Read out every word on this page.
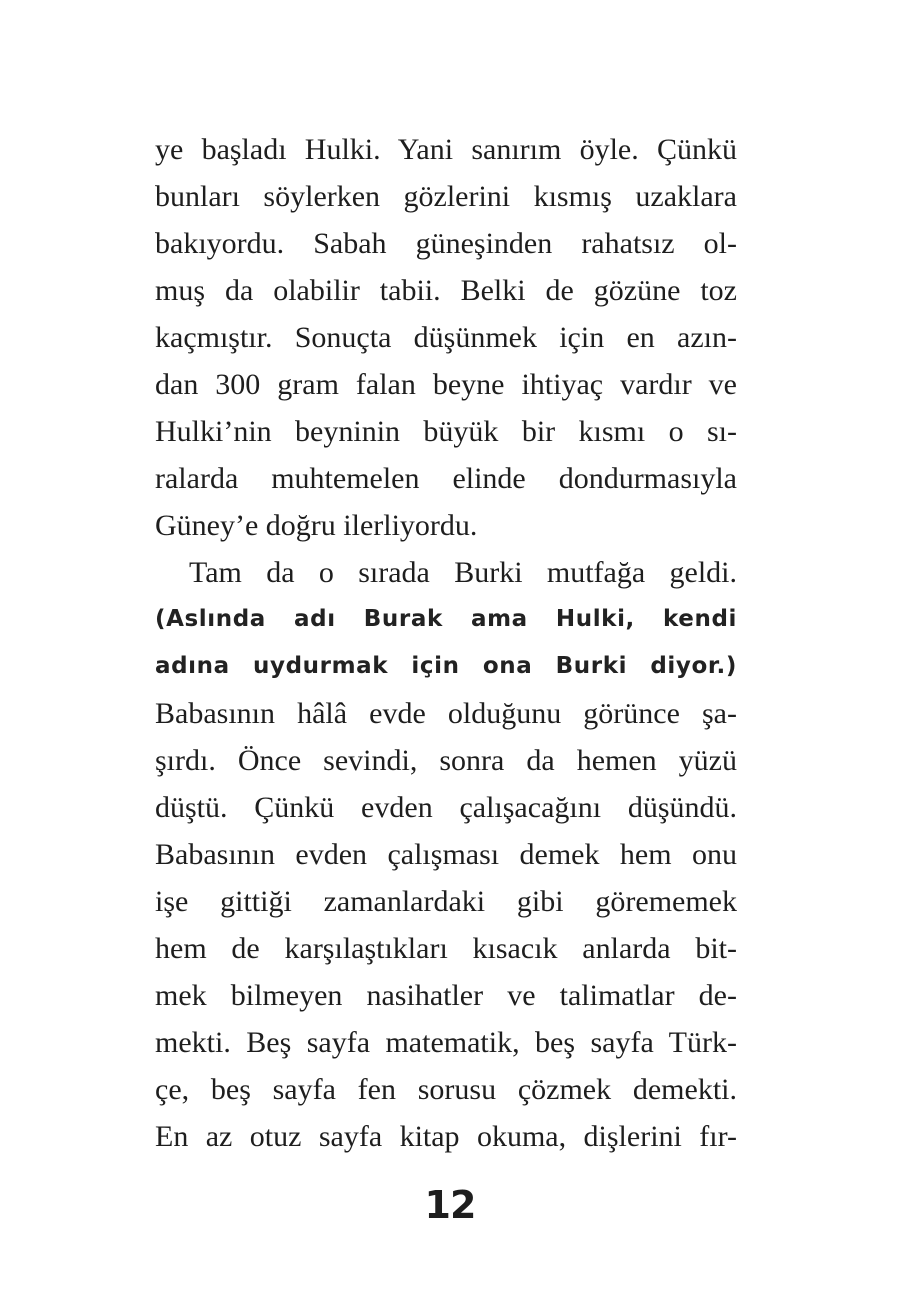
ye başladı Hulki. Yani sanırım öyle. Çünkü
bunları söylerken gözlerini kısmış uzaklara
bakıyordu. Sabah güneşinden rahatsız ol-
muş da olabilir tabii. Belki de gözüne toz
kaçmıştır. Sonuçta düşünmek için en azın-
dan 300 gram falan beyne ihtiyaç vardır ve
Hulki’nin beyninin büyük bir kısmı o sı-
ralarda muhtemelen elinde dondurmasıyla
Güney’e doğru ilerliyordu.
Tam da o sırada Burki mutfağa geldi.
(Aslında adı Burak ama Hulki, kendi
adına uydurmak için ona Burki diyor.)
Babasının hâlâ evde olduğunu görünce şa-
şırdı. Önce sevindi, sonra da hemen yüzü
düştü. Çünkü evden çalışacağını düşündü.
Babasının evden çalışması demek hem onu
işe gittiği zamanlardaki gibi görememek
hem de karşılaştıkları kısacık anlarda bit-
mek bilmeyen nasihatler ve talimatlar de-
mekti. Beş sayfa matematik, beş sayfa Türk-
çe, beş sayfa fen sorusu çözmek demekti.
En az otuz sayfa kitap okuma, dişlerini fır-
12
